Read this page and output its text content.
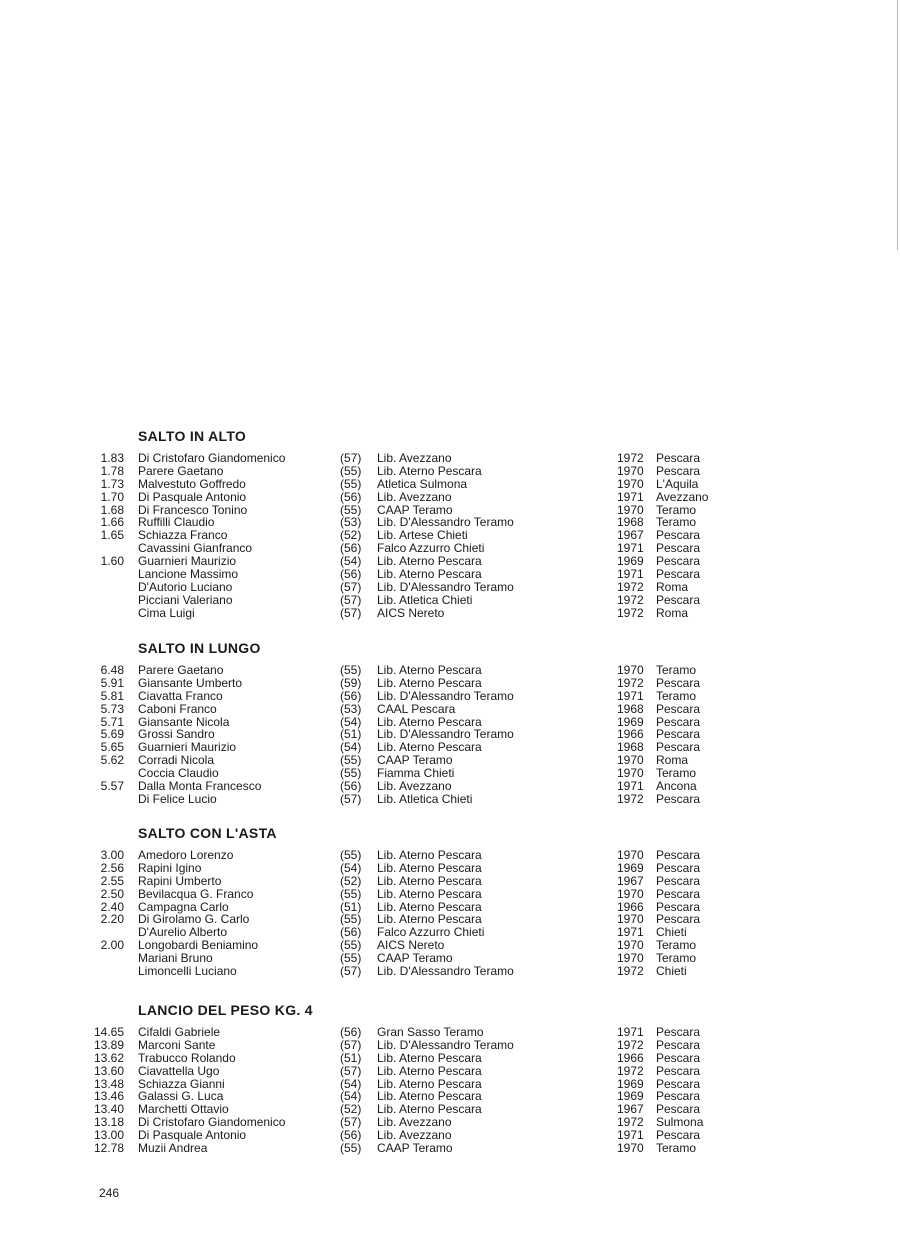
SALTO IN ALTO
1.83 Di Cristofaro Giandomenico	(57) Lib. Avezzano	1972 Pescara
1.78 Parere Gaetano	(55) Lib. Aterno Pescara	1970 Pescara
1.73 Malvestuto Goffredo	(55) Atletica Sulmona	1970 L'Aquila
1.70 Di Pasquale Antonio	(56) Lib. Avezzano	1971 Avezzano
1.68 Di Francesco Tonino	(55) CAAP Teramo	1970 Teramo
1.66 Ruffilli Claudio	(53) Lib. D'Alessandro Teramo	1968 Teramo
1.65 Schiazza Franco	(52) Lib. Artese Chieti	1967 Pescara
Cavassini Gianfranco	(56) Falco Azzurro Chieti	1971 Pescara
1.60 Guarnieri Maurizio	(54) Lib. Aterno Pescara	1969 Pescara
Lancione Massimo	(56) Lib. Aterno Pescara	1971 Pescara
D'Autorio Luciano	(57) Lib. D'Alessandro Teramo	1972 Roma
Picciani Valeriano	(57) Lib. Atletica Chieti	1972 Pescara
Cima Luigi	(57) AICS Nereto	1972 Roma
SALTO IN LUNGO
6.48 Parere Gaetano	(55) Lib. Aterno Pescara	1970 Teramo
5.91 Giansante Umberto	(59) Lib. Aterno Pescara	1972 Pescara
5.81 Ciavatta Franco	(56) Lib. D'Alessandro Teramo	1971 Teramo
5.73 Caboni Franco	(53) CAAL Pescara	1968 Pescara
5.71 Giansante Nicola	(54) Lib. Aterno Pescara	1969 Pescara
5.69 Grossi Sandro	(51) Lib. D'Alessandro Teramo	1966 Pescara
5.65 Guarnieri Maurizio	(54) Lib. Aterno Pescara	1968 Pescara
5.62 Corradi Nicola	(55) CAAP Teramo	1970 Roma
Coccia Claudio	(55) Fiamma Chieti	1970 Teramo
5.57 Dalla Monta Francesco	(56) Lib. Avezzano	1971 Ancona
Di Felice Lucio	(57) Lib. Atletica Chieti	1972 Pescara
SALTO CON L'ASTA
3.00 Amedoro Lorenzo	(55) Lib. Aterno Pescara	1970 Pescara
2.56 Rapini Igino	(54) Lib. Aterno Pescara	1969 Pescara
2.55 Rapini Umberto	(52) Lib. Aterno Pescara	1967 Pescara
2.50 Bevilacqua G. Franco	(55) Lib. Aterno Pescara	1970 Pescara
2.40 Campagna Carlo	(51) Lib. Aterno Pescara	1966 Pescara
2.20 Di Girolamo G. Carlo	(55) Lib. Aterno Pescara	1970 Pescara
D'Aurelio Alberto	(56) Falco Azzurro Chieti	1971 Chieti
2.00 Longobardi Beniamino	(55) AICS Nereto	1970 Teramo
Mariani Bruno	(55) CAAP Teramo	1970 Teramo
Limoncelli Luciano	(57) Lib. D'Alessandro Teramo	1972 Chieti
LANCIO DEL PESO KG. 4
14.65 Cifaldi Gabriele	(56) Gran Sasso Teramo	1971 Pescara
13.89 Marconi Sante	(57) Lib. D'Alessandro Teramo	1972 Pescara
13.62 Trabucco Rolando	(51) Lib. Aterno Pescara	1966 Pescara
13.60 Ciavattella Ugo	(57) Lib. Aterno Pescara	1972 Pescara
13.48 Schiazza Gianni	(54) Lib. Aterno Pescara	1969 Pescara
13.46 Galassi G. Luca	(54) Lib. Aterno Pescara	1969 Pescara
13.40 Marchetti Ottavio	(52) Lib. Aterno Pescara	1967 Pescara
13.18 Di Cristofaro Giandomenico	(57) Lib. Avezzano	1972 Sulmona
13.00 Di Pasquale Antonio	(56) Lib. Avezzano	1971 Pescara
12.78 Muzii Andrea	(55) CAAP Teramo	1970 Teramo

246
